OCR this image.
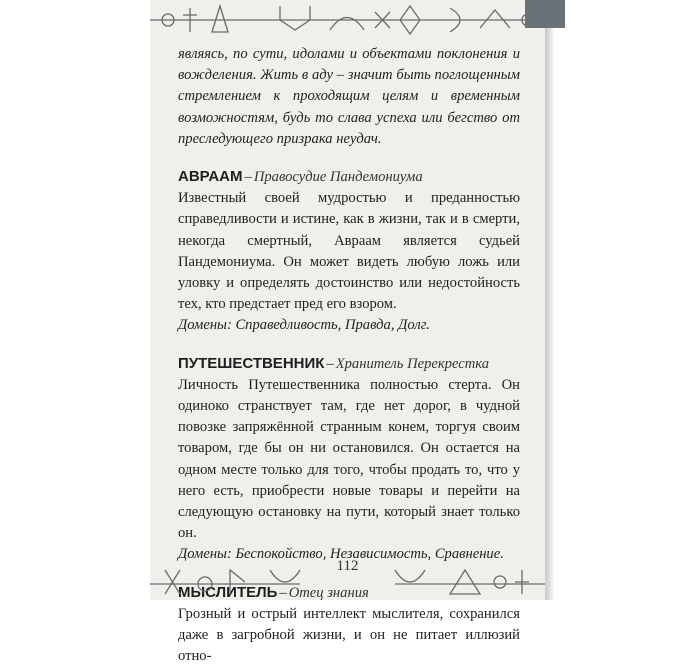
являясь, по сути, идолами и объектами поклонения и вожделения. Жить в аду – значит быть поглощенным стремлением к проходящим целям и временным возможностям, будь то слава успеха или бегство от преследующего призрака неудач.

АВРААМ – Правосудие Пандемониума

Известный своей мудростью и преданностью справедливости и истине, как в жизни, так и в смерти, некогда смертный, Авраам является судьей Пандемониума. Он может видеть любую ложь или уловку и определять достоинство или недостойность тех, кто предстает пред его взором.

Домены: Справедливость, Правда, Долг.

ПУТЕШЕСТВЕННИК – Хранитель Перекрестка

Личность Путешественника полностью стерта. Он одиноко странствует там, где нет дорог, в чудной повозке запряжённой странным конем, торгуя своим товаром, где бы он ни остановился. Он остается на одном месте только для того, чтобы продать то, что у него есть, приобрести новые товары и перейти на следующую остановку на пути, который знает только он.

Домены: Беспокойство, Независимость, Сравнение.

МЫСЛИТЕЛЬ – Отец знания

Грозный и острый интеллект мыслителя, сохранился даже в загробной жизни, и он не питает иллюзий отно-

112
